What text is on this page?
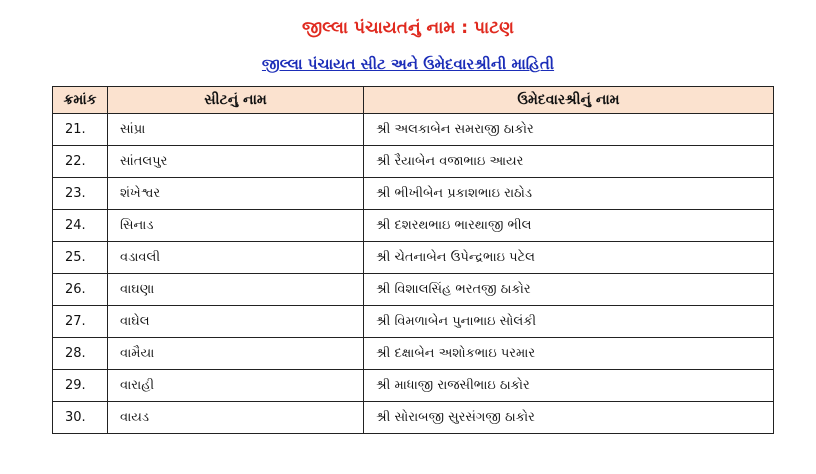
જીલ્લા પંચાયતનું નામ : પાટણ
જીલ્લા પંચાયત સીટ અને ઉમેદવારશ્રીની માહિતી
ક્રમાંક	સીટનું નામ	ઉમેદવારશ્રીનું નામ
21.	સાંપ્રા	શ્રી અલકાબેન સમરાજી ઠાકોર
22.	સાંતલપુર	શ્રી રૈયાબેન વજાભાઇ આયર
23.	શંખેશ્વર	શ્રી ભીખીબેન પ્રકાશભાઇ રાઠોડ
24.	સિનાડ	શ્રી દશરથભાઇ ભારથાજી ભીલ
25.	વડાવલી	શ્રી ચેતનાબેન ઉપેન્દ્રભાઇ પટેલ
26.	વાઘણા	શ્રી વિશાલસિંહ ભરતજી ઠાકોર
27.	વાઘેલ	શ્રી વિમળાબેન પુનાભાઇ સોલંકી
28.	વામૈયા	શ્રી દક્ષાબેન અશોકભાઇ પરમાર
29.	વારાહી	શ્રી માધાજી રાજસીભાઇ ઠાકોર
30.	વાયડ	શ્રી સોરાબજી સુરસંગજી ઠાકોર
